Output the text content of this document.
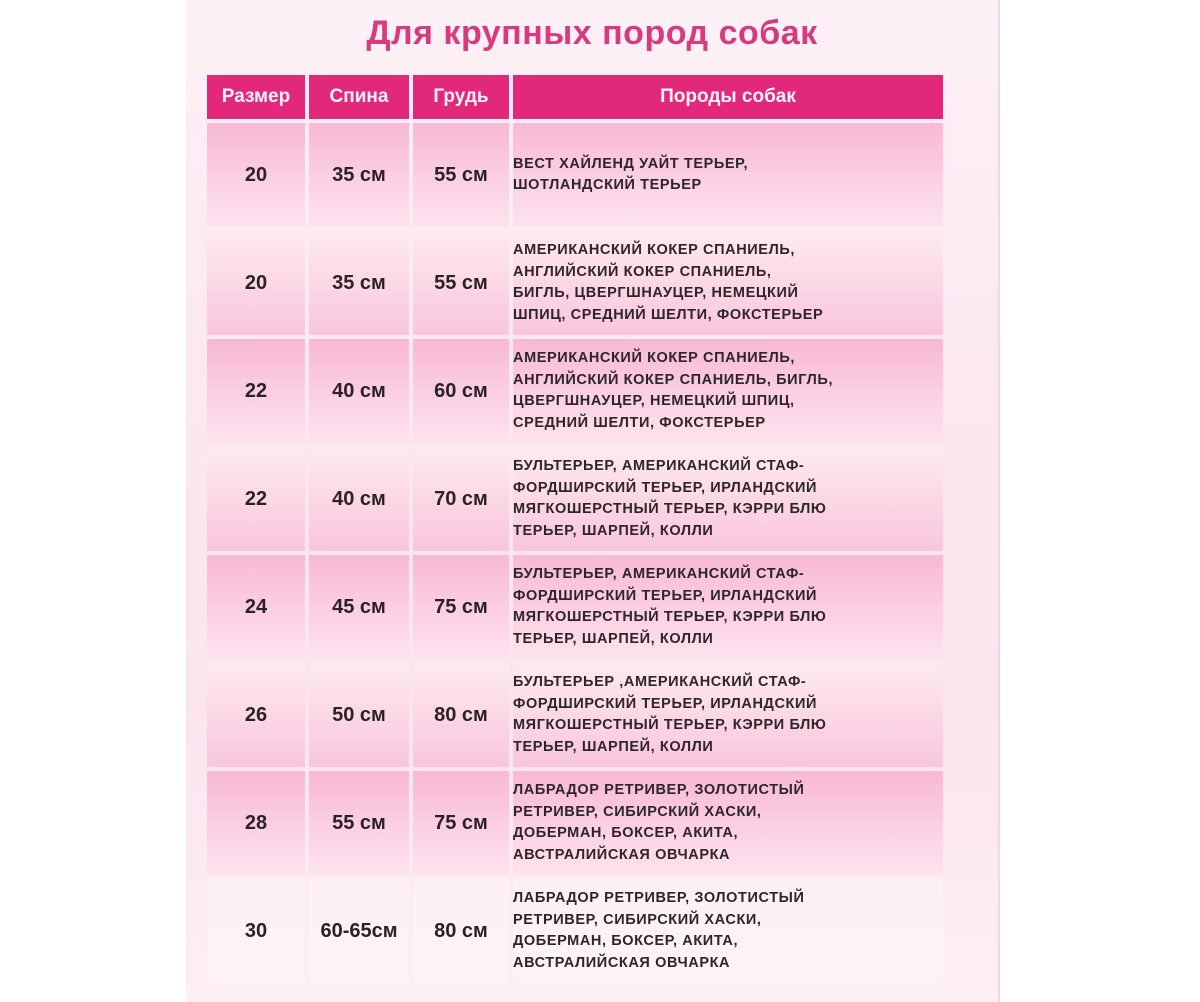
Для крупных пород собак
Размер	Спина	Грудь	Породы собак
20	35 см	55 см	ВЕСТ ХАЙЛЕНД УАЙТ ТЕРЬЕР,
ШОТЛАНДСКИЙ ТЕРЬЕР

20	35 см	55 см	АМЕРИКАНСКИЙ КОКЕР СПАНИЕЛЬ,
АНГЛИЙСКИЙ КОКЕР СПАНИЕЛЬ,
БИГЛЬ, ЦВЕРГШНАУЦЕР, НЕМЕЦКИЙ
ШПИЦ, СРЕДНИЙ ШЕЛТИ, ФОКСТЕРЬЕР

22	40 см	60 см	АМЕРИКАНСКИЙ КОКЕР СПАНИЕЛЬ,
АНГЛИЙСКИЙ КОКЕР СПАНИЕЛЬ, БИГЛЬ,
ЦВЕРГШНАУЦЕР, НЕМЕЦКИЙ ШПИЦ,
СРЕДНИЙ ШЕЛТИ, ФОКСТЕРЬЕР

22	40 см	70 см	БУЛЬТЕРЬЕР, АМЕРИКАНСКИЙ СТАФ-
ФОРДШИРСКИЙ ТЕРЬЕР, ИРЛАНДСКИЙ
МЯГКОШЕРСТНЫЙ ТЕРЬЕР, КЭРРИ БЛЮ
ТЕРЬЕР, ШАРПЕЙ, КОЛЛИ

24	45 см	75 см	БУЛЬТЕРЬЕР, АМЕРИКАНСКИЙ СТАФ-
ФОРДШИРСКИЙ ТЕРЬЕР, ИРЛАНДСКИЙ
МЯГКОШЕРСТНЫЙ ТЕРЬЕР, КЭРРИ БЛЮ
ТЕРЬЕР, ШАРПЕЙ, КОЛЛИ

26	50 см	80 см	БУЛЬТЕРЬЕР ,АМЕРИКАНСКИЙ СТАФ-
ФОРДШИРСКИЙ ТЕРЬЕР, ИРЛАНДСКИЙ
МЯГКОШЕРСТНЫЙ ТЕРЬЕР, КЭРРИ БЛЮ
ТЕРЬЕР, ШАРПЕЙ, КОЛЛИ

28	55 см	75 см	ЛАБРАДОР РЕТРИВЕР, ЗОЛОТИСТЫЙ
РЕТРИВЕР, СИБИРСКИЙ ХАСКИ,
ДОБЕРМАН, БОКСЕР, АКИТА,
АВСТРАЛИЙСКАЯ ОВЧАРКА

30	60-65см	80 см	ЛАБРАДОР РЕТРИВЕР, ЗОЛОТИСТЫЙ
РЕТРИВЕР, СИБИРСКИЙ ХАСКИ,
ДОБЕРМАН, БОКСЕР, АКИТА,
АВСТРАЛИЙСКАЯ ОВЧАРКА
